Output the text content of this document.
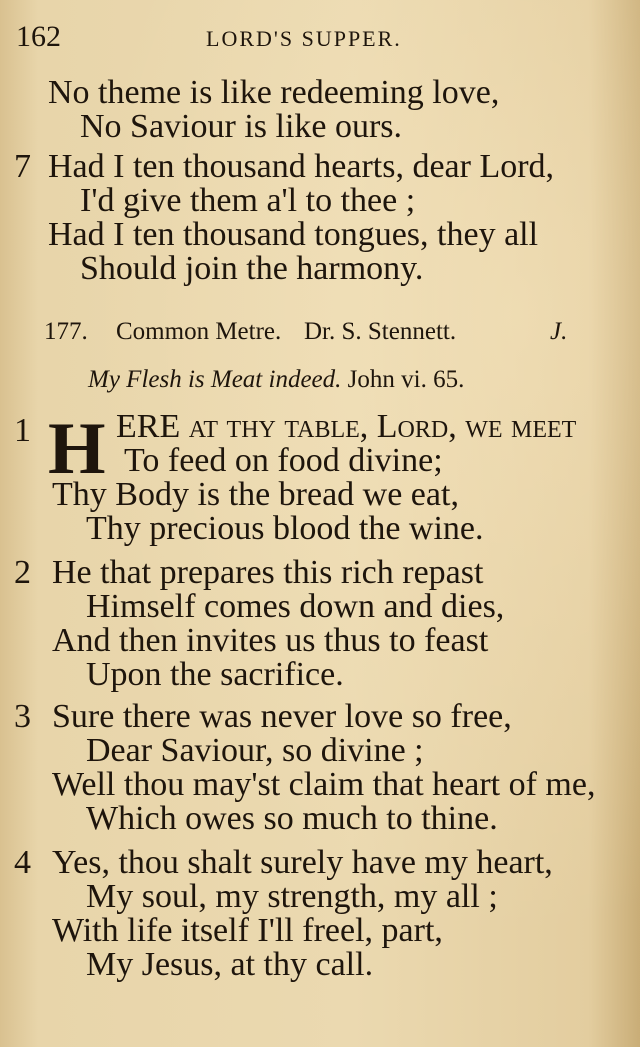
162	LORD'S SUPPER.
No theme is like redeeming love,
No Saviour is like ours.
7 Had I ten thousand hearts, dear Lord,
I'd give them a'l to thee ;
Had I ten thousand tongues, they all
Should join the harmony.
177. Common Metre. Dr. S. Stennett.	J.
My Flesh is Meat indeed. John vi. 65.
1 H ERE at thy table, Lord, we meet
To feed on food divine;
Thy Body is the bread we eat,
Thy precious blood the wine.
2 He that prepares this rich repast
Himself comes down and dies,
And then invites us thus to feast
Upon the sacrifice.
3 Sure there was never love so free,
Dear Saviour, so divine ;
Well thou may'st claim that heart of me,
Which owes so much to thine.
4 Yes, thou shalt surely have my heart,
My soul, my strength, my all ;
With life itself I'll freel, part,
My Jesus, at thy call.
